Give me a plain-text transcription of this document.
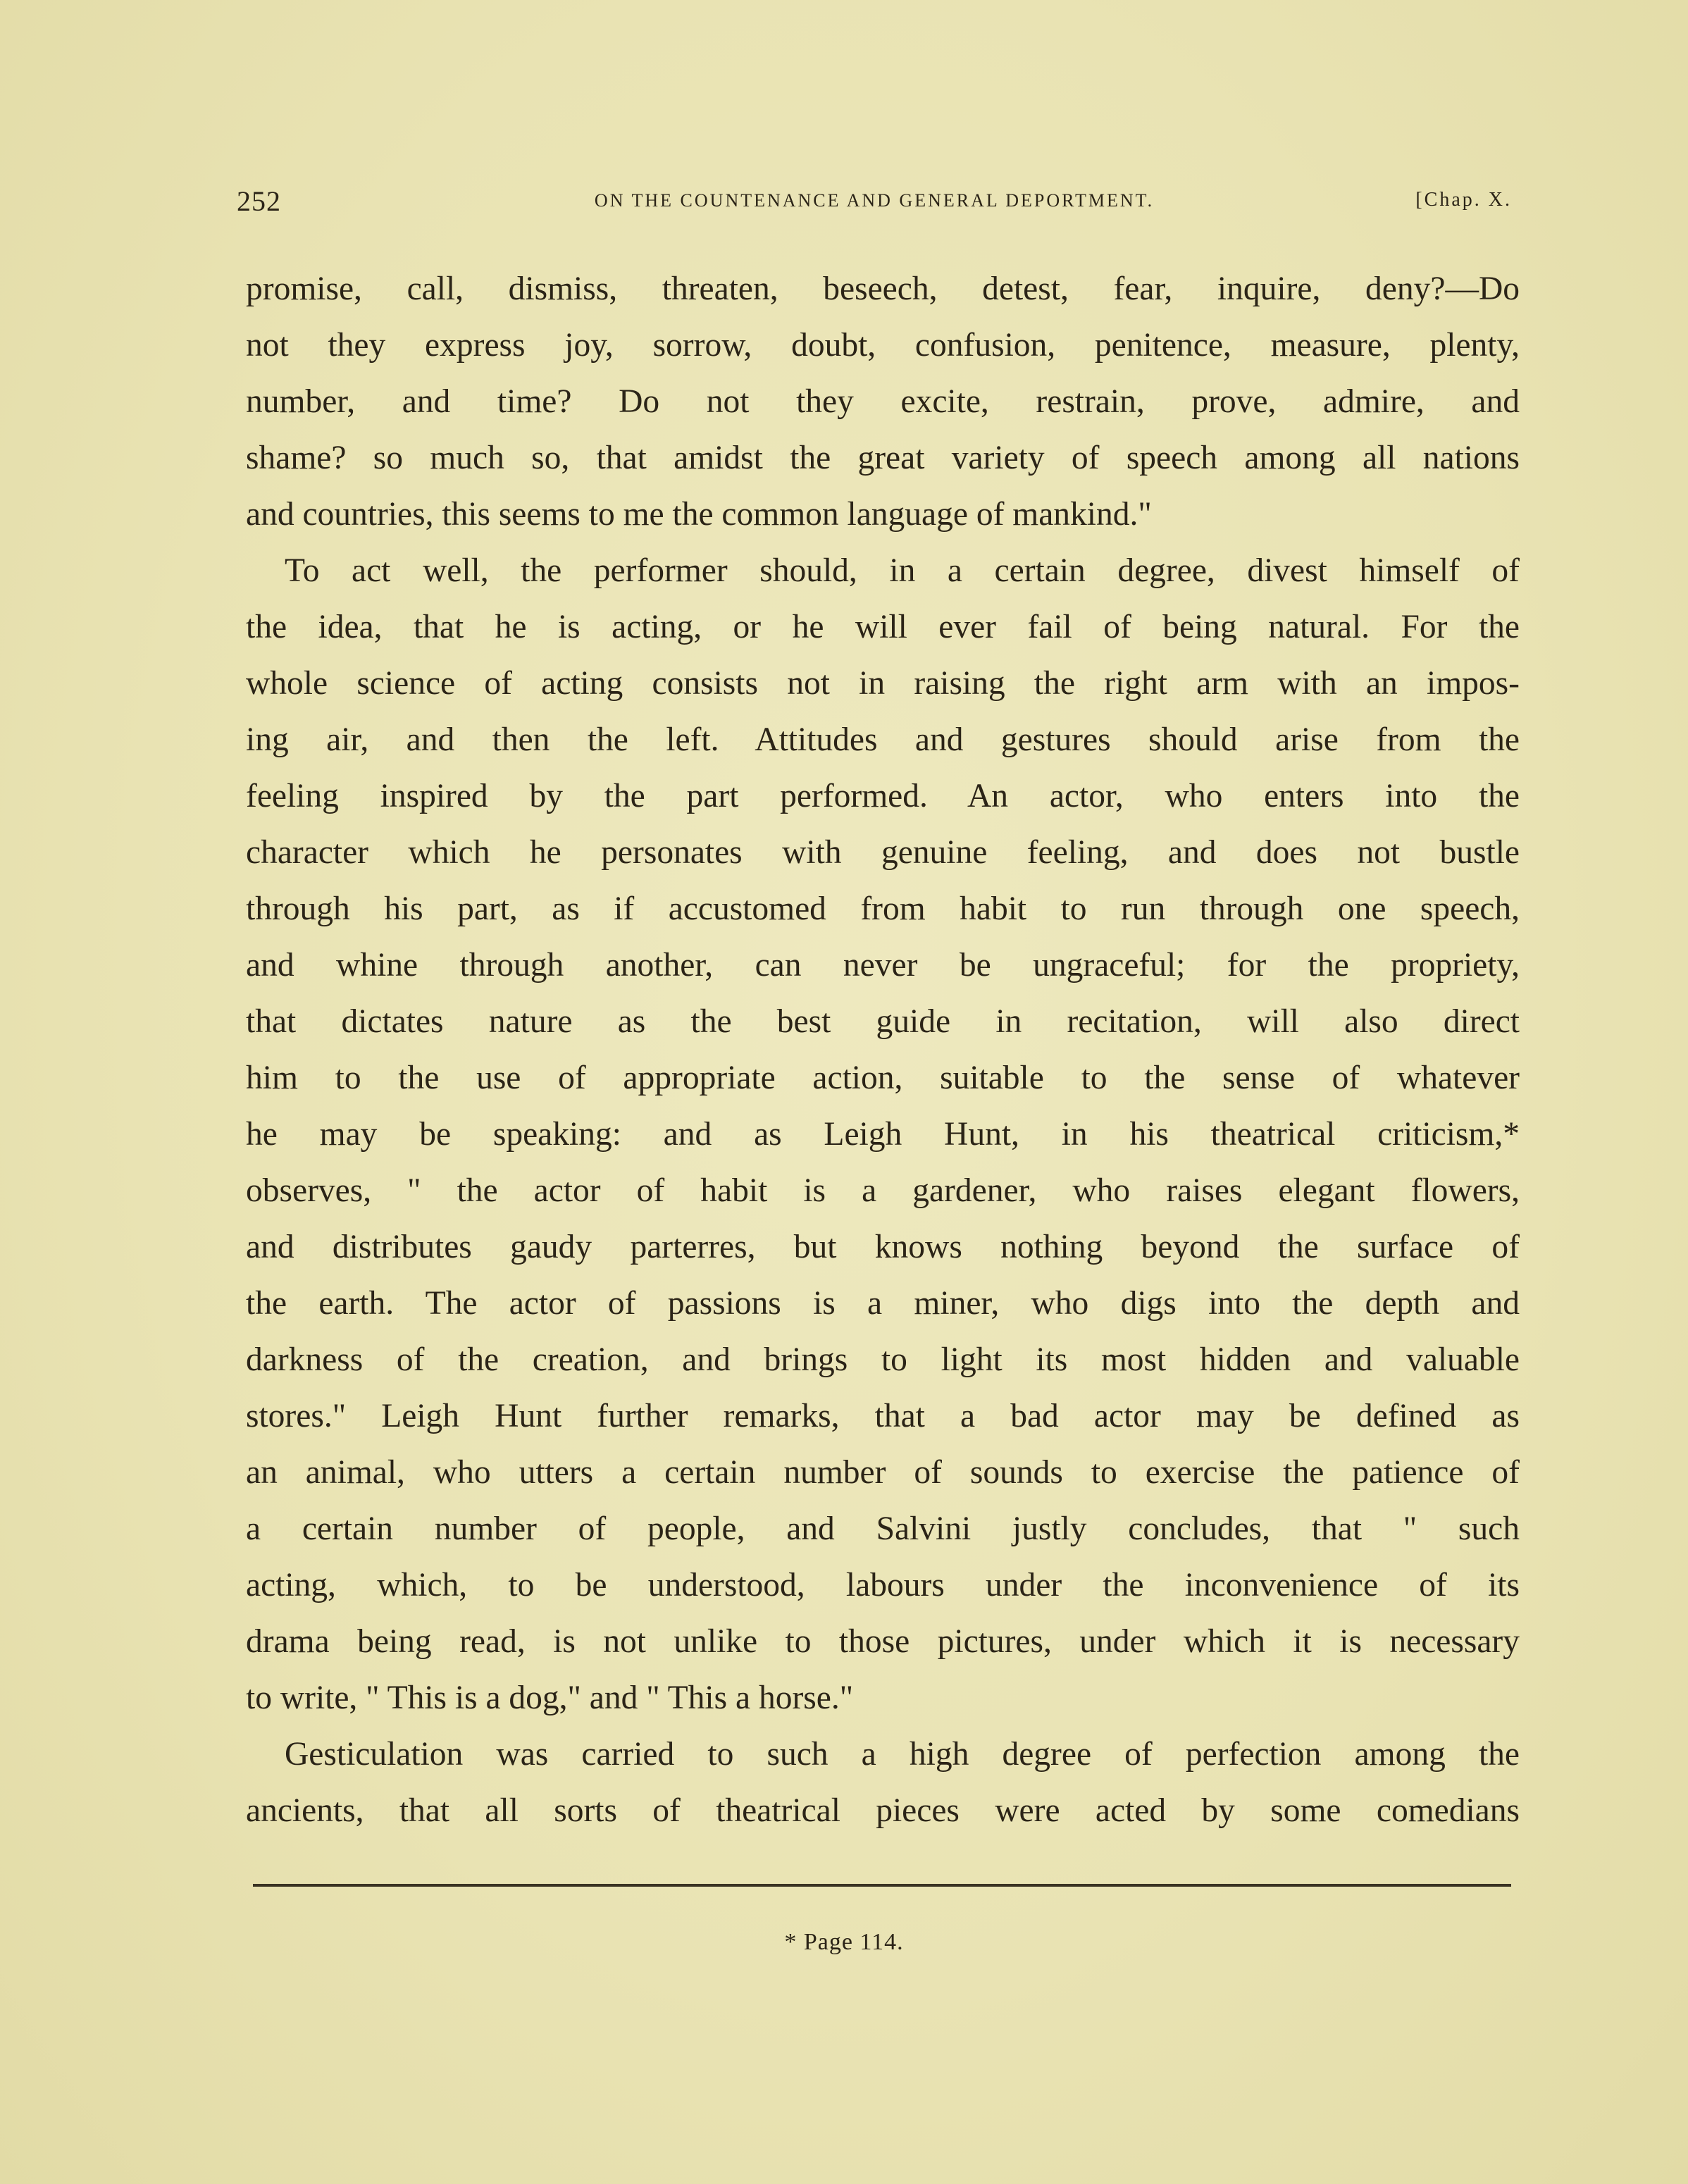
252	ON THE COUNTENANCE AND GENERAL DEPORTMENT.	[Chap. X.
promise, call, dismiss, threaten, beseech, detest, fear, inquire, deny?—Do
not they express joy, sorrow, doubt, confusion, penitence, measure, plenty,
number, and time? Do not they excite, restrain, prove, admire, and
shame? so much so, that amidst the great variety of speech among all nations
and countries, this seems to me the common language of mankind."
To act well, the performer should, in a certain degree, divest himself of
the idea, that he is acting, or he will ever fail of being natural. For the
whole science of acting consists not in raising the right arm with an impos-
ing air, and then the left. Attitudes and gestures should arise from the
feeling inspired by the part performed. An actor, who enters into the
character which he personates with genuine feeling, and does not bustle
through his part, as if accustomed from habit to run through one speech,
and whine through another, can never be ungraceful; for the propriety,
that dictates nature as the best guide in recitation, will also direct
him to the use of appropriate action, suitable to the sense of whatever
he may be speaking: and as Leigh Hunt, in his theatrical criticism,*
observes, " the actor of habit is a gardener, who raises elegant flowers,
and distributes gaudy parterres, but knows nothing beyond the surface of
the earth. The actor of passions is a miner, who digs into the depth and
darkness of the creation, and brings to light its most hidden and valuable
stores." Leigh Hunt further remarks, that a bad actor may be defined as
an animal, who utters a certain number of sounds to exercise the patience of
a certain number of people, and Salvini justly concludes, that " such
acting, which, to be understood, labours under the inconvenience of its
drama being read, is not unlike to those pictures, under which it is necessary
to write, " This is a dog," and " This a horse."
Gesticulation was carried to such a high degree of perfection among the
ancients, that all sorts of theatrical pieces were acted by some comedians
* Page 114.
